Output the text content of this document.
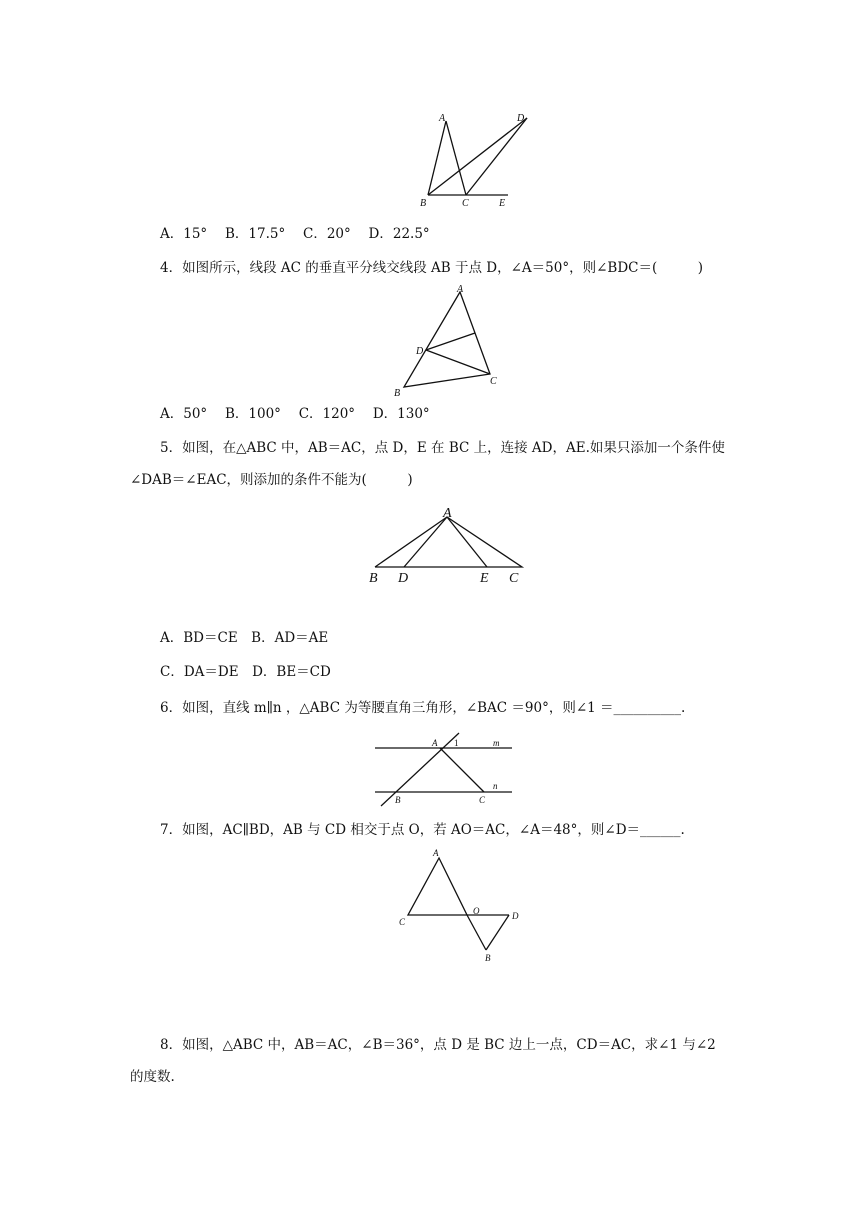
A
B	C
D
E
A
B
C
D
A
B D	E C
A
B	C
m
n
1
A
C
O	D
B
A．15°　 B．17.5°　 C．20°　 D．22.5°
4．如图所示，线段 AC 的垂直平分线交线段 AB 于点 D，∠A＝50°，则∠BDC＝(　　　)
A．50°　 B．100°　 C．120°　 D．130°
5．如图，在△ABC 中，AB＝AC，点 D，E 在 BC 上，连接 AD，AE.如果只添加一个条件使
∠DAB＝∠EAC，则添加的条件不能为(　　　)
A．BD＝CE　B．AD＝AE
C．DA＝DE　D．BE＝CD
6．如图，直线 m∥n ，△ABC 为等腰直角三角形，∠BAC ＝90°，则∠1 ＝__________.
7．如图，AC∥BD，AB 与 CD 相交于点 O，若 AO＝AC，∠A＝48°，则∠D＝______.
8．如图，△ABC 中，AB＝AC，∠B＝36°，点 D 是 BC 边上一点，CD＝AC，求∠1 与∠2
的度数.
